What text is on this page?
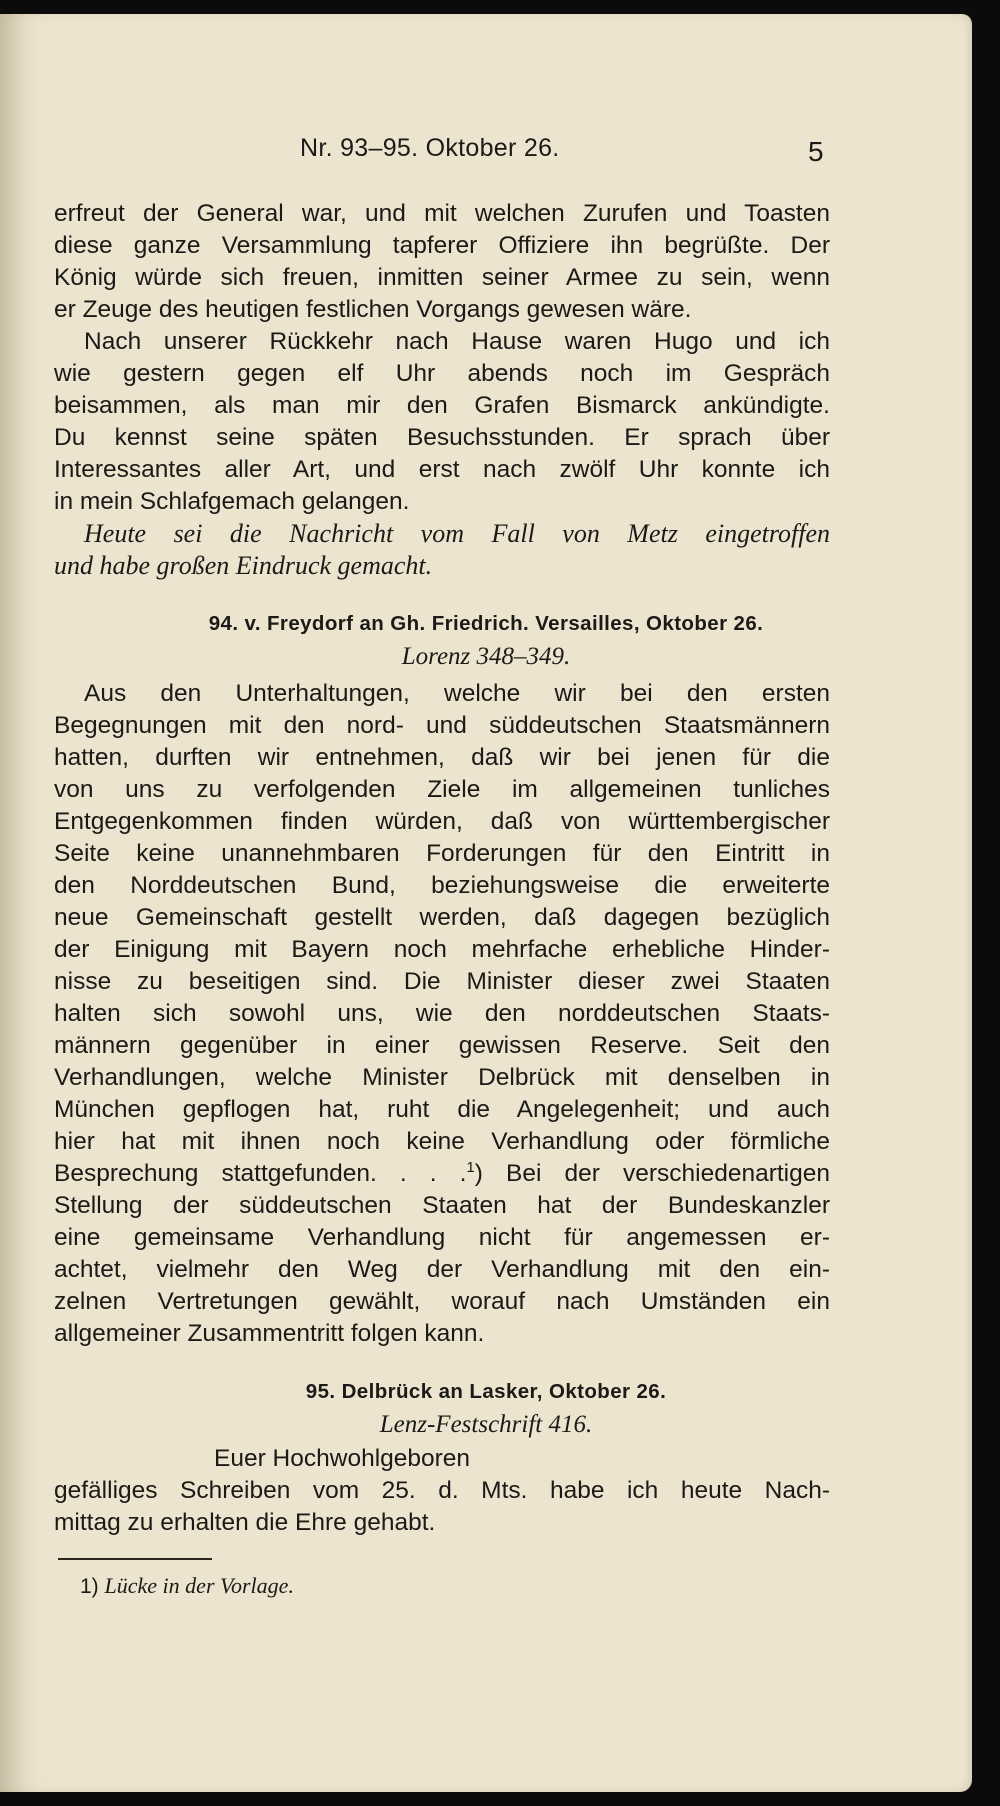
Nr. 93–95. Oktober 26.	5
erfreut der General war, und mit welchen Zurufen und Toasten
diese ganze Versammlung tapferer Offiziere ihn begrüßte. Der
König würde sich freuen, inmitten seiner Armee zu sein, wenn
er Zeuge des heutigen festlichen Vorgangs gewesen wäre.
Nach unserer Rückkehr nach Hause waren Hugo und ich
wie gestern gegen elf Uhr abends noch im Gespräch
beisammen, als man mir den Grafen Bismarck ankündigte.
Du kennst seine späten Besuchsstunden. Er sprach über
Interessantes aller Art, und erst nach zwölf Uhr konnte ich
in mein Schlafgemach gelangen.
Heute sei die Nachricht vom Fall von Metz eingetroffen
und habe großen Eindruck gemacht.
94. v. Freydorf an Gh. Friedrich. Versailles, Oktober 26.
Lorenz 348–349.
Aus den Unterhaltungen, welche wir bei den ersten
Begegnungen mit den nord- und süddeutschen Staatsmännern
hatten, durften wir entnehmen, daß wir bei jenen für die
von uns zu verfolgenden Ziele im allgemeinen tunliches
Entgegenkommen finden würden, daß von württembergischer
Seite keine unannehmbaren Forderungen für den Eintritt in
den Norddeutschen Bund, beziehungsweise die erweiterte
neue Gemeinschaft gestellt werden, daß dagegen bezüglich
der Einigung mit Bayern noch mehrfache erhebliche Hinder-
nisse zu beseitigen sind. Die Minister dieser zwei Staaten
halten sich sowohl uns, wie den norddeutschen Staats-
männern gegenüber in einer gewissen Reserve. Seit den
Verhandlungen, welche Minister Delbrück mit denselben in
München gepflogen hat, ruht die Angelegenheit; und auch
hier hat mit ihnen noch keine Verhandlung oder förmliche
Besprechung stattgefunden. . . .$^1$) Bei der verschiedenartigen
Stellung der süddeutschen Staaten hat der Bundeskanzler
eine gemeinsame Verhandlung nicht für angemessen er-
achtet, vielmehr den Weg der Verhandlung mit den ein-
zelnen Vertretungen gewählt, worauf nach Umständen ein
allgemeiner Zusammentritt folgen kann.
95. Delbrück an Lasker, Oktober 26.
Lenz-Festschrift 416.
Euer Hochwohlgeboren
gefälliges Schreiben vom 25. d. Mts. habe ich heute Nach-
mittag zu erhalten die Ehre gehabt.
1) Lücke in der Vorlage.
